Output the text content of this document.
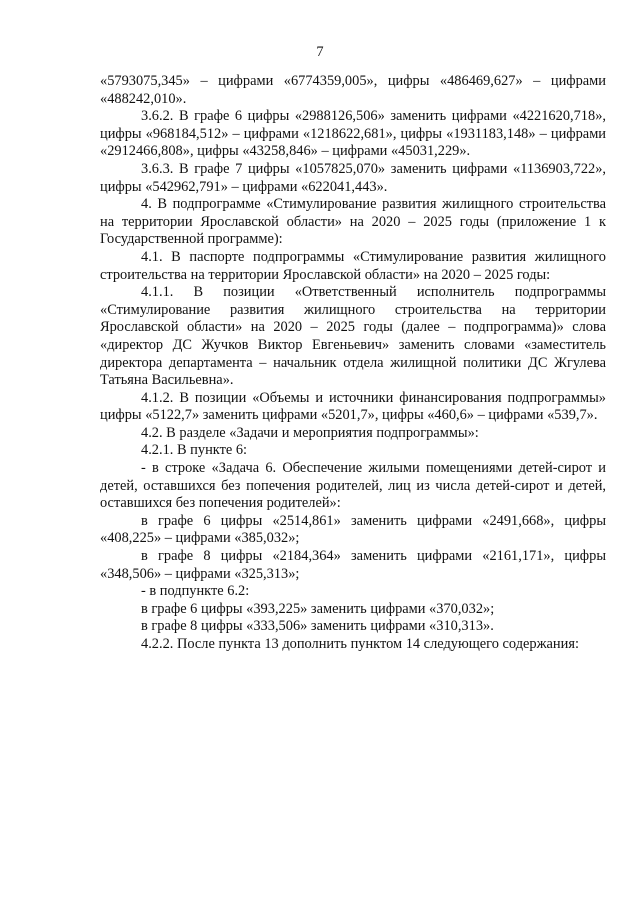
7

«5793075,345» – цифрами «6774359,005», цифры «486469,627» – цифрами «488242,010».

3.6.2. В графе 6 цифры «2988126,506» заменить цифрами «4221620,718», цифры «968184,512» – цифрами «1218622,681», цифры «1931183,148» – цифрами «2912466,808», цифры «43258,846» – цифрами «45031,229».

3.6.3. В графе 7 цифры «1057825,070» заменить цифрами «1136903,722», цифры «542962,791» – цифрами «622041,443».

4. В подпрограмме «Стимулирование развития жилищного строительства на территории Ярославской области» на 2020 – 2025 годы (приложение 1 к Государственной программе):

4.1. В паспорте подпрограммы «Стимулирование развития жилищного строительства на территории Ярославской области» на 2020 – 2025 годы:

4.1.1. В позиции «Ответственный исполнитель подпрограммы «Стимулирование развития жилищного строительства на территории Ярославской области» на 2020 – 2025 годы (далее – подпрограмма)» слова «директор ДС Жучков Виктор Евгеньевич» заменить словами «заместитель директора департамента – начальник отдела жилищной политики ДС Жгулева Татьяна Васильевна».

4.1.2. В позиции «Объемы и источники финансирования подпрограммы» цифры «5122,7» заменить цифрами «5201,7», цифры «460,6» – цифрами «539,7».

4.2. В разделе «Задачи и мероприятия подпрограммы»:

4.2.1. В пункте 6:

- в строке «Задача 6. Обеспечение жилыми помещениями детей-сирот и детей, оставшихся без попечения родителей, лиц из числа детей-сирот и детей, оставшихся без попечения родителей»:

в графе 6 цифры «2514,861» заменить цифрами «2491,668», цифры «408,225» – цифрами «385,032»;

в графе 8 цифры «2184,364» заменить цифрами «2161,171», цифры «348,506» – цифрами «325,313»;

- в подпункте 6.2:

в графе 6 цифры «393,225» заменить цифрами «370,032»;

в графе 8 цифры «333,506» заменить цифрами «310,313».

4.2.2. После пункта 13 дополнить пунктом 14 следующего содержания:
